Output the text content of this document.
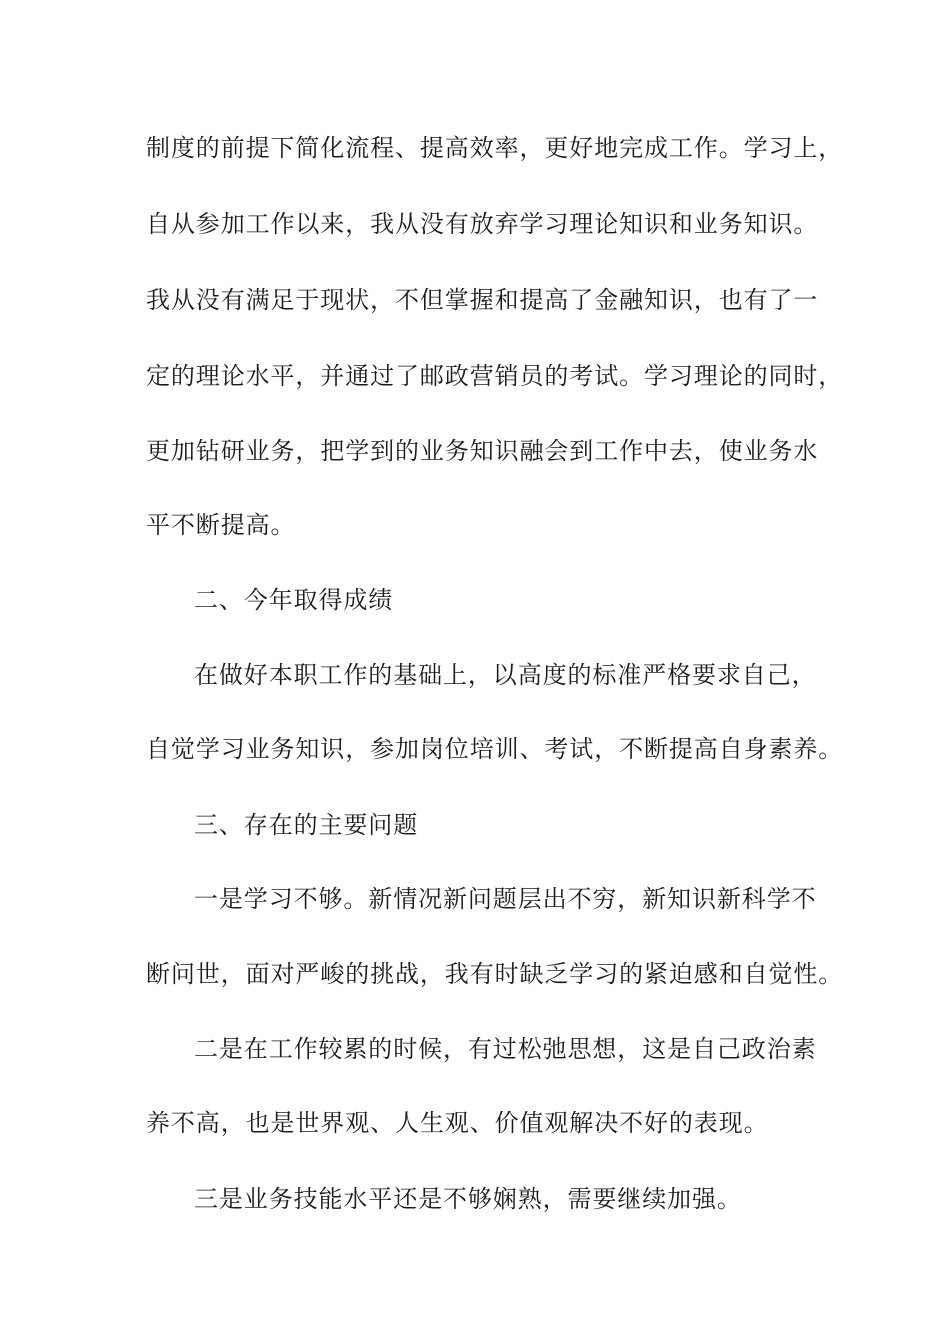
制度的前提下简化流程、提高效率，更好地完成工作。学习上，
自从参加工作以来，我从没有放弃学习理论知识和业务知识。
我从没有满足于现状，不但掌握和提高了金融知识，也有了一
定的理论水平，并通过了邮政营销员的考试。学习理论的同时，
更加钻研业务，把学到的业务知识融会到工作中去，使业务水
平不断提高。
二、今年取得成绩
在做好本职工作的基础上，以高度的标准严格要求自己，
自觉学习业务知识，参加岗位培训、考试，不断提高自身素养。
三、存在的主要问题
一是学习不够。新情况新问题层出不穷，新知识新科学不
断问世，面对严峻的挑战，我有时缺乏学习的紧迫感和自觉性。
二是在工作较累的时候，有过松弛思想，这是自己政治素
养不高，也是世界观、人生观、价值观解决不好的表现。
三是业务技能水平还是不够娴熟，需要继续加强。
